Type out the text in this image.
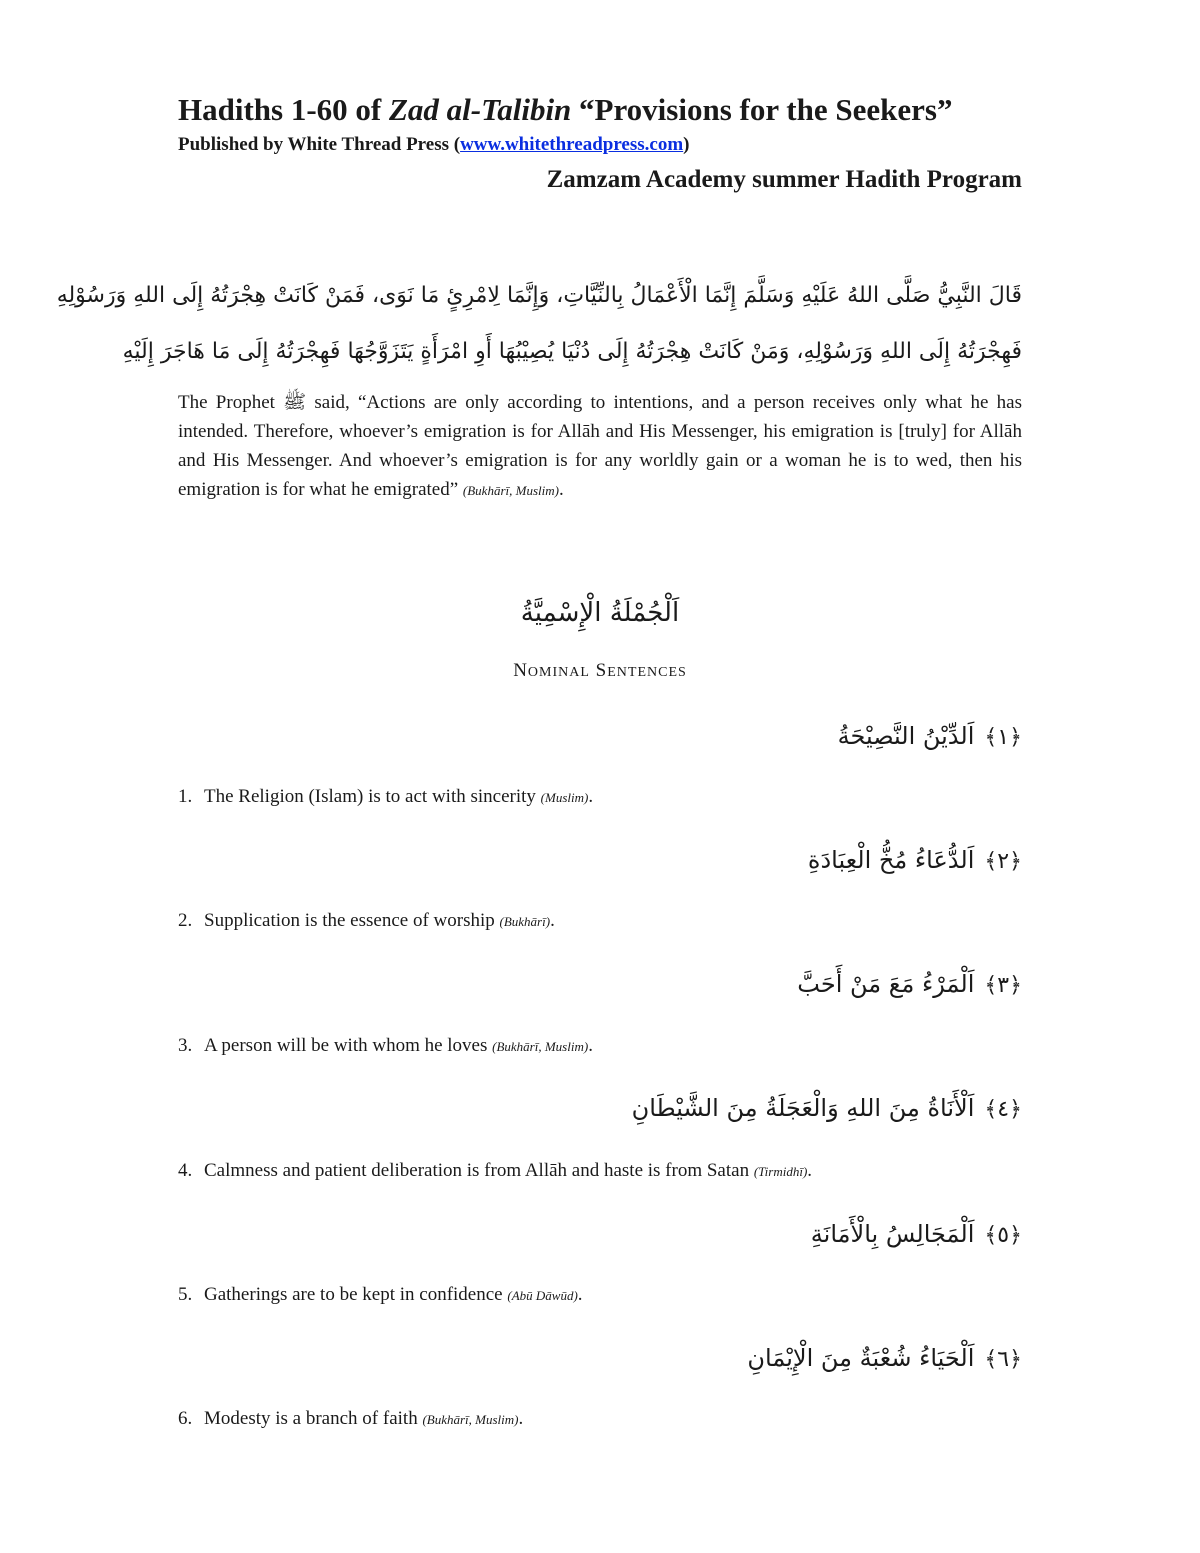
Hadiths 1-60 of Zad al-Talibin “Provisions for the Seekers”
Published by White Thread Press (www.whitethreadpress.com)
Zamzam Academy summer Hadith Program
قَالَ النَّبِيُّ صَلَّى اللهُ عَلَيْهِ وَسَلَّمَ إِنَّمَا الْأَعْمَالُ بِالنِّيَّاتِ، وَإِنَّمَا لِامْرِئٍ مَا نَوَى، فَمَنْ كَانَتْ هِجْرَتُهُ إِلَى اللهِ وَرَسُوْلِهِ
فَهِجْرَتُهُ إِلَى اللهِ وَرَسُوْلِهِ، وَمَنْ كَانَتْ هِجْرَتُهُ إِلَى دُنْيَا يُصِيْبُهَا أَوِ امْرَأَةٍ يَتَزَوَّجُهَا فَهِجْرَتُهُ إِلَى مَا هَاجَرَ إِلَيْهِ
The Prophet ﷺ said, “Actions are only according to intentions, and a person receives only what he has intended. Therefore, whoever’s emigration is for Allāh and His Messenger, his emigration is [truly] for Allāh and His Messenger. And whoever’s emigration is for any worldly gain or a woman he is to wed, then his emigration is for what he emigrated” (Bukhārī, Muslim).
اَلْجُمْلَةُ الْإِسْمِيَّةُ
NOMINAL SENTENCES
﴿١﴾اَلدِّيْنُ النَّصِيْحَةُ
1. The Religion (Islam) is to act with sincerity (Muslim).
﴿٢﴾اَلدُّعَاءُ مُخُّ الْعِبَادَةِ
2. Supplication is the essence of worship (Bukhārī).
﴿٣﴾اَلْمَرْءُ مَعَ مَنْ أَحَبَّ
3. A person will be with whom he loves (Bukhārī, Muslim).
﴿٤﴾اَلْأَنَاةُ مِنَ اللهِ وَالْعَجَلَةُ مِنَ الشَّيْطَانِ
4. Calmness and patient deliberation is from Allāh and haste is from Satan (Tirmidhī).
﴿٥﴾اَلْمَجَالِسُ بِالْأَمَانَةِ
5. Gatherings are to be kept in confidence (Abū Dāwūd).
﴿٦﴾اَلْحَيَاءُ شُعْبَةٌ مِنَ الْإِيْمَانِ
6. Modesty is a branch of faith (Bukhārī, Muslim).
